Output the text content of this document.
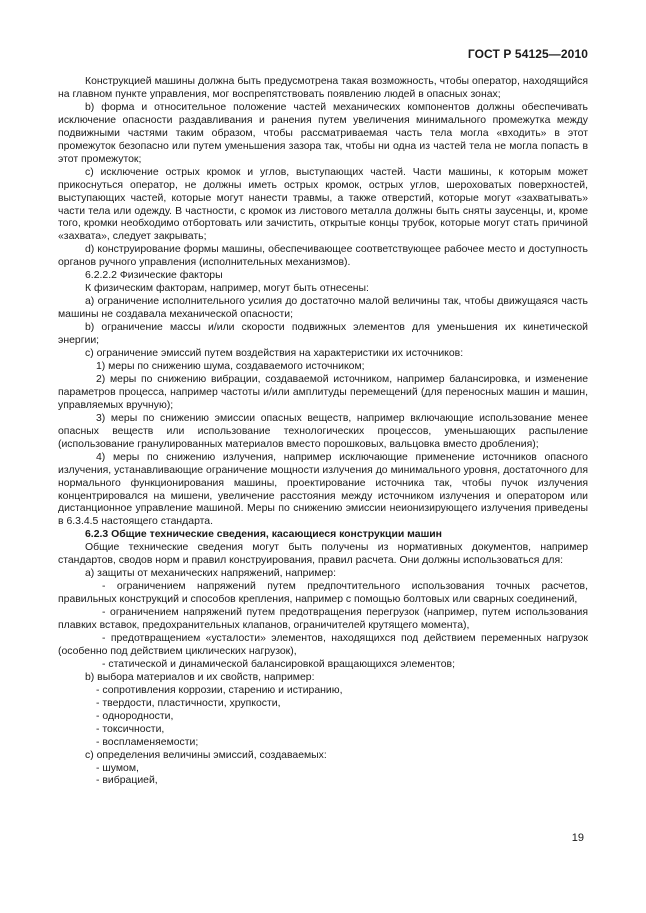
ГОСТ Р 54125—2010

Конструкцией машины должна быть предусмотрена такая возможность, чтобы оператор, находящийся на главном пункте управления, мог воспрепятствовать появлению людей в опасных зонах;

b) форма и относительное положение частей механических компонентов должны обеспечивать исключение опасности раздавливания и ранения путем увеличения минимального промежутка между подвижными частями таким образом, чтобы рассматриваемая часть тела могла «входить» в этот промежуток безопасно или путем уменьшения зазора так, чтобы ни одна из частей тела не могла попасть в этот промежуток;

c) исключение острых кромок и углов, выступающих частей. Части машины, к которым может прикоснуться оператор, не должны иметь острых кромок, острых углов, шероховатых поверхностей, выступающих частей, которые могут нанести травмы, а также отверстий, которые могут «захватывать» части тела или одежду. В частности, с кромок из листового металла должны быть сняты заусенцы, и, кроме того, кромки необходимо отбортовать или зачистить, открытые концы трубок, которые могут стать причиной «захвата», следует закрывать;

d) конструирование формы машины, обеспечивающее соответствующее рабочее место и доступность органов ручного управления (исполнительных механизмов).

6.2.2.2 Физические факторы

К физическим факторам, например, могут быть отнесены:

a) ограничение исполнительного усилия до достаточно малой величины так, чтобы движущаяся часть машины не создавала механической опасности;

b) ограничение массы и/или скорости подвижных элементов для уменьшения их кинетической энергии;

c) ограничение эмиссий путем воздействия на характеристики их источников:

1) меры по снижению шума, создаваемого источником;

2) меры по снижению вибрации, создаваемой источником, например балансировка, и изменение параметров процесса, например частоты и/или амплитуды перемещений (для переносных машин и машин, управляемых вручную);

3) меры по снижению эмиссии опасных веществ, например включающие использование менее опасных веществ или использование технологических процессов, уменьшающих распыление (использование гранулированных материалов вместо порошковых, вальцовка вместо дробления);

4) меры по снижению излучения, например исключающие применение источников опасного излучения, устанавливающие ограничение мощности излучения до минимального уровня, достаточного для нормального функционирования машины, проектирование источника так, чтобы пучок излучения концентрировался на мишени, увеличение расстояния между источником излучения и оператором или дистанционное управление машиной. Меры по снижению эмиссии неионизирующего излучения приведены в 6.3.4.5 настоящего стандарта.

6.2.3 Общие технические сведения, касающиеся конструкции машин

Общие технические сведения могут быть получены из нормативных документов, например стандартов, сводов норм и правил конструирования, правил расчета. Они должны использоваться для:

a) защиты от механических напряжений, например:

- ограничением напряжений путем предпочтительного использования точных расчетов, правильных конструкций и способов крепления, например с помощью болтовых или сварных соединений,

- ограничением напряжений путем предотвращения перегрузок (например, путем использования плавких вставок, предохранительных клапанов, ограничителей крутящего момента),

- предотвращением «усталости» элементов, находящихся под действием переменных нагрузок (особенно под действием циклических нагрузок),

- статической и динамической балансировкой вращающихся элементов;

b) выбора материалов и их свойств, например:

- сопротивления коррозии, старению и истиранию,

- твердости, пластичности, хрупкости,

- однородности,

- токсичности,

- воспламеняемости;

c) определения величины эмиссий, создаваемых:

- шумом,

- вибрацией,

19
